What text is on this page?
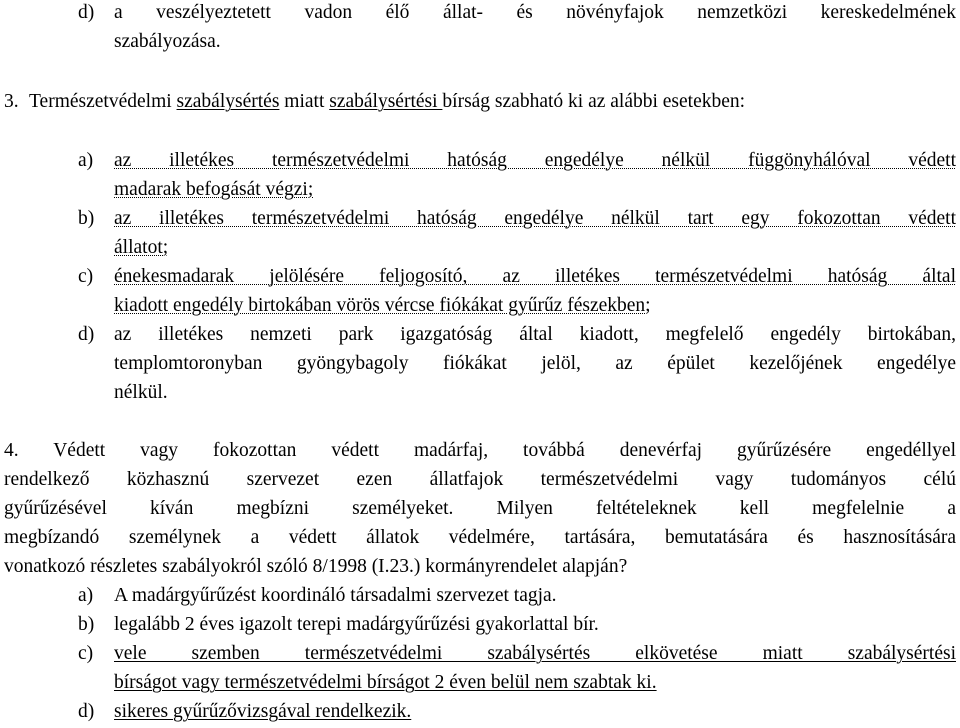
d) a veszélyeztetett vadon élő állat- és növényfajok nemzetközi kereskedelmének
szabályozása.
3. Természetvédelmi szabálysértés miatt szabálysértési bírság szabható ki az alábbi esetekben:
a) az illetékes természetvédelmi hatóság engedélye nélkül függönyhálóval védett
madarak befogását végzi;
b) az illetékes természetvédelmi hatóság engedélye nélkül tart egy fokozottan védett
állatot;
c) énekesmadarak jelölésére feljogosító, az illetékes természetvédelmi hatóság által
kiadott engedély birtokában vörös vércse fiókákat gyűrűz fészekben;
d) az illetékes nemzeti park igazgatóság által kiadott, megfelelő engedély birtokában,
templomtoronyban gyöngybagoly fiókákat jelöl, az épület kezelőjének engedélye
nélkül.
4. Védett vagy fokozottan védett madárfaj, továbbá denevérfaj gyűrűzésére engedéllyel
rendelkező közhasznú szervezet ezen állatfajok természetvédelmi vagy tudományos célú
gyűrűzésével kíván megbízni személyeket. Milyen feltételeknek kell megfelelnie a
megbízandó személynek a védett állatok védelmére, tartására, bemutatására és hasznosítására
vonatkozó részletes szabályokról szóló 8/1998 (I.23.) kormányrendelet alapján?
a) A madárgyűrűzést koordináló társadalmi szervezet tagja.
b) legalább 2 éves igazolt terepi madárgyűrűzési gyakorlattal bír.
c) vele szemben természetvédelmi szabálysértés elkövetése miatt szabálysértési
bírságot vagy természetvédelmi bírságot 2 éven belül nem szabtak ki.
d) sikeres gyűrűzővizsgával rendelkezik.
